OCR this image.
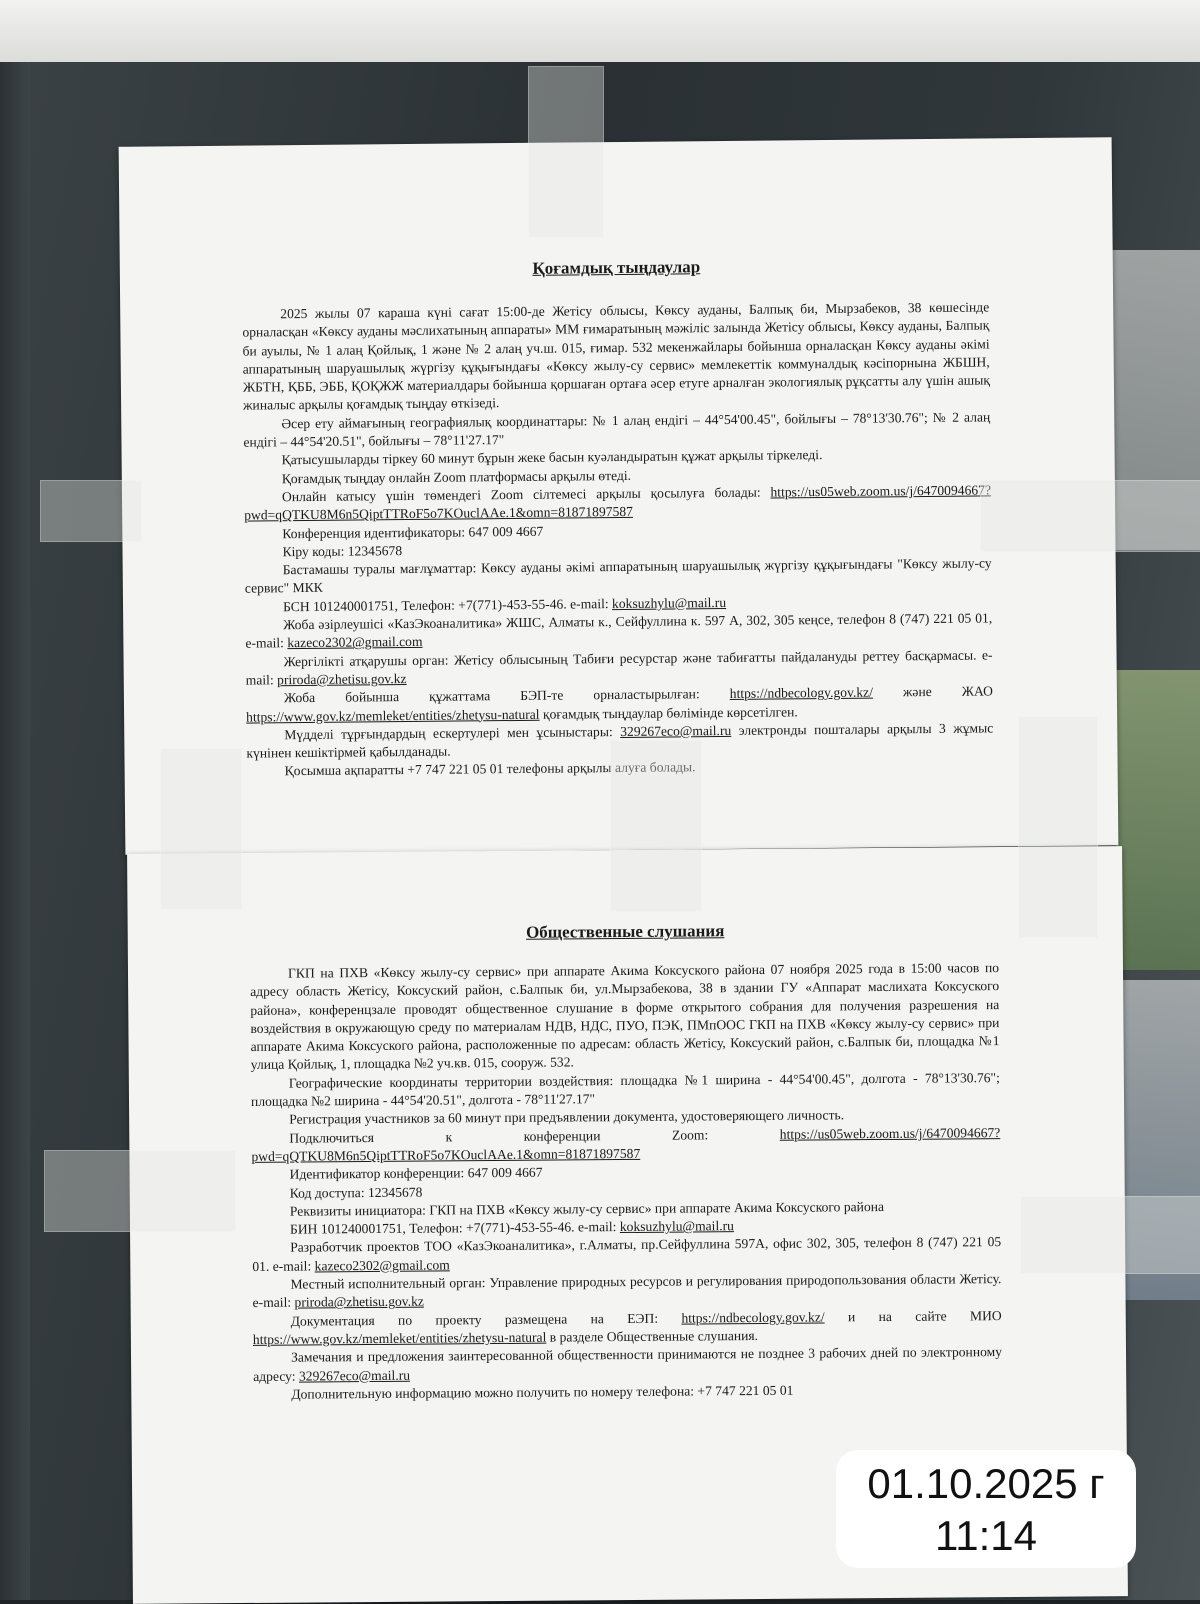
Қоғамдық тыңдаулар

2025 жылы 07 караша күні сағат 15:00-де Жетісу облысы, Көксу ауданы, Балпық би, Мырзабеков, 38 көшесінде орналасқан «Көксу ауданы мәслихатының аппараты» ММ ғимаратының мәжіліс залында Жетісу облысы, Көксу ауданы, Балпық би ауылы, № 1 алаң Қойлық, 1 және № 2 алаң уч.ш. 015, ғимар. 532 мекенжайлары бойынша орналасқан Көксу ауданы әкімі аппаратының шаруашылық жүргізу құқығындағы «Көксу жылу-су сервис» мемлекеттік коммуналдық кәсіпорнына ЖБШН, ЖБТН, ҚББ, ЭББ, ҚОҚЖЖ материалдары бойынша қоршаған ортаға әсер етуге арналған экологиялық рұқсатты алу үшін ашық жиналыс арқылы қоғамдық тыңдау өткізеді.

Әсер ету аймағының географиялық координаттары: № 1 алаң ендігі – 44°54'00.45", бойлығы – 78°13'30.76"; № 2 алаң ендігі – 44°54'20.51", бойлығы – 78°11'27.17"

Қатысушыларды тіркеу 60 минут бұрын жеке басын куәландыратын құжат арқылы тіркеледі.

Қоғамдық тыңдау онлайн Zoom платформасы арқылы өтеді.

Онлайн катысу үшін төмендегі Zoom сілтемесі арқылы қосылуға болады: https://us05web.zoom.us/j/6470094667?pwd=qQTKU8M6n5QiptTTRoF5o7KOuclAAe.1&omn=81871897587

Конференция идентификаторы: 647 009 4667

Кіру коды: 12345678

Бастамашы туралы мағлұматтар: Көксу ауданы әкімі аппаратының шаруашылық жүргізу құқығындағы "Көксу жылу-су сервис" МКК

БСН 101240001751, Телефон: +7(771)-453-55-46. e-mail: koksuzhylu@mail.ru

Жоба әзірлеушісі «КазЭкоаналитика» ЖШС, Алматы к., Сейфуллина к. 597 А, 302, 305 кеңсе, телефон 8 (747) 221 05 01, e-mail: kazeco2302@gmail.com

Жергілікті атқарушы орган: Жетісу облысының Табиғи ресурстар және табиғатты пайдалануды реттеу басқармасы. e-mail: priroda@zhetisu.gov.kz

Жоба бойынша құжаттама БЭП-те орналастырылған: https://ndbecology.gov.kz/ және ЖАО https://www.gov.kz/memleket/entities/zhetysu-natural қоғамдық тыңдаулар бөлімінде көрсетілген.

Мүдделі тұрғындардың ескертулері мен ұсыныстары: 329267eco@mail.ru электронды пошталары арқылы 3 жұмыс күнінен кешіктірмей қабылданады.

Қосымша ақпаратты +7 747 221 05 01 телефоны арқылы алуға болады.

Общественные слушания

ГКП на ПХВ «Көксу жылу-су сервис» при аппарате Акима Коксуского района 07 ноября 2025 года в 15:00 часов по адресу область Жетісу, Коксуский район, с.Балпык би, ул.Мырзабекова, 38 в здании ГУ «Аппарат маслихата Коксуского района», конференцзале проводят общественное слушание в форме открытого собрания для получения разрешения на воздействия в окружающую среду по материалам НДВ, НДС, ПУО, ПЭК, ПМпООС ГКП на ПХВ «Көксу жылу-су сервис» при аппарате Акима Коксуского района, расположенные по адресам: область Жетісу, Коксуский район, с.Балпык би, площадка №1 улица Қойлық, 1, площадка №2 уч.кв. 015, сооруж. 532.

Географические координаты территории воздействия: площадка №1 ширина - 44°54'00.45", долгота - 78°13'30.76"; площадка №2 ширина - 44°54'20.51", долгота - 78°11'27.17"

Регистрация участников за 60 минут при предъявлении документа, удостоверяющего личность.

Подключиться к конференции Zoom:	https://us05web.zoom.us/j/6470094667?pwd=qQTKU8M6n5QiptTTRoF5o7KOuclAAe.1&omn=81871897587

Идентификатор конференции: 647 009 4667

Код доступа: 12345678

Реквизиты инициатора: ГКП на ПХВ «Көксу жылу-су сервис» при аппарате Акима Коксуского района

БИН 101240001751, Телефон: +7(771)-453-55-46. e-mail: koksuzhylu@mail.ru

Разработчик проектов ТОО «КазЭкоаналитика», г.Алматы, пр.Сейфуллина 597А, офис 302, 305, телефон 8 (747) 221 05 01. e-mail: kazeco2302@gmail.com

Местный исполнительный орган: Управление природных ресурсов и регулирования природопользования области Жетісу. e-mail: priroda@zhetisu.gov.kz

Документация по проекту размещена на ЕЭП: https://ndbecology.gov.kz/ и на сайте МИО https://www.gov.kz/memleket/entities/zhetysu-natural в разделе Общественные слушания.

Замечания и предложения заинтересованной общественности принимаются не позднее 3 рабочих дней по электронному адресу: 329267eco@mail.ru

Дополнительную информацию можно получить по номеру телефона: +7 747 221 05 01

01.10.2025 г
11:14
